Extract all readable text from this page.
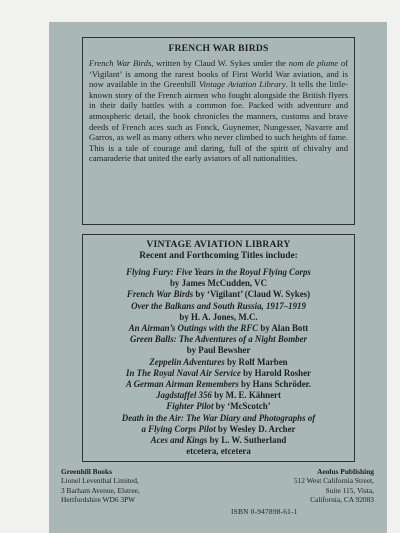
FRENCH WAR BIRDS
French War Birds, written by Claud W. Sykes under the nom de plume of ‘Vigilant’ is among the rarest books of First World War aviation, and is now available in the Greenhill Vintage Aviation Library. It tells the little-known story of the French airmen who fought alongside the British flyers in their daily battles with a common foe. Packed with adventure and atmospheric detail, the book chronicles the manners, customs and brave deeds of French aces such as Fonck, Guynemer, Nungesser, Navarre and Garros, as well as many others who never climbed to such heights of fame. This is a tale of courage and daring, full of the spirit of chivalry and camaraderie that united the early aviators of all nationalities.
VINTAGE AVIATION LIBRARY
Recent and Forthcoming Titles include:
Flying Fury: Five Years in the Royal Flying Corps
by James McCudden, VC
French War Birds by ‘Vigilant’ (Claud W. Sykes)
Over the Balkans and South Russia, 1917–1919
by H. A. Jones, M.C.
An Airman’s Outings with the RFC by Alan Bott
Green Balls: The Adventures of a Night Bomber
by Paul Bewsher
Zeppelin Adventures by Rolf Marben
In The Royal Naval Air Service by Harold Rosher
A German Airman Remembers by Hans Schröder.
Jagdstaffel 356 by M. E. Kähnert
Fighter Pilot by ‘McScotch’
Death in the Air: The War Diary and Photographs of
a Flying Corps Pilot by Wesley D. Archer
Aces and Kings by L. W. Sutherland
etcetera, etcetera
Greenhill Books
Lionel Leventhal Limited,
3 Barham Avenue, Elstree,
Hertfordshire WD6 3PW
Aeolus Publishing
512 West California Street,
Suite 115, Vista,
California, CA 92083
ISBN 0-947898-61-1
